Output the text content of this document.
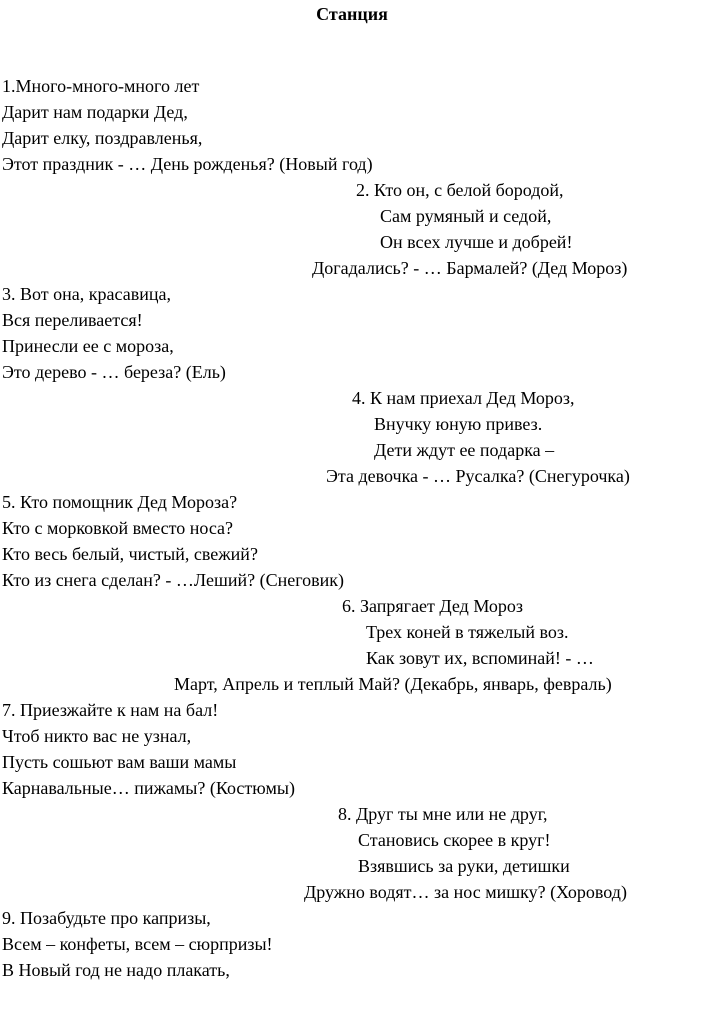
Станция
1.Много-много-много лет
Дарит нам подарки Дед,
Дарит елку, поздравленья,
Этот праздник - … День рожденья? (Новый год)
2. Кто он, с белой бородой,
Сам румяный и седой,
Он всех лучше и добрей!
Догадались? - … Бармалей? (Дед Мороз)
3. Вот она, красавица,
Вся переливается!
Принесли ее с мороза,
Это дерево - … береза? (Ель)
4. К нам приехал Дед Мороз,
Внучку юную привез.
Дети ждут ее подарка –
Эта девочка - … Русалка? (Снегурочка)
5. Кто помощник Дед Мороза?
Кто с морковкой вместо носа?
Кто весь белый, чистый, свежий?
Кто из снега сделан? - …Леший? (Снеговик)
6. Запрягает Дед Мороз
Трех коней в тяжелый воз.
Как зовут их, вспоминай! - …
Март, Апрель и теплый Май? (Декабрь, январь, февраль)
7. Приезжайте к нам на бал!
Чтоб никто вас не узнал,
Пусть сошьют вам ваши мамы
Карнавальные… пижамы? (Костюмы)
8. Друг ты мне или не друг,
Становись скорее в круг!
Взявшись за руки, детишки
Дружно водят… за нос мишку? (Хоровод)
9. Позабудьте про капризы,
Всем – конфеты, всем – сюрпризы!
В Новый год не надо плакать,
